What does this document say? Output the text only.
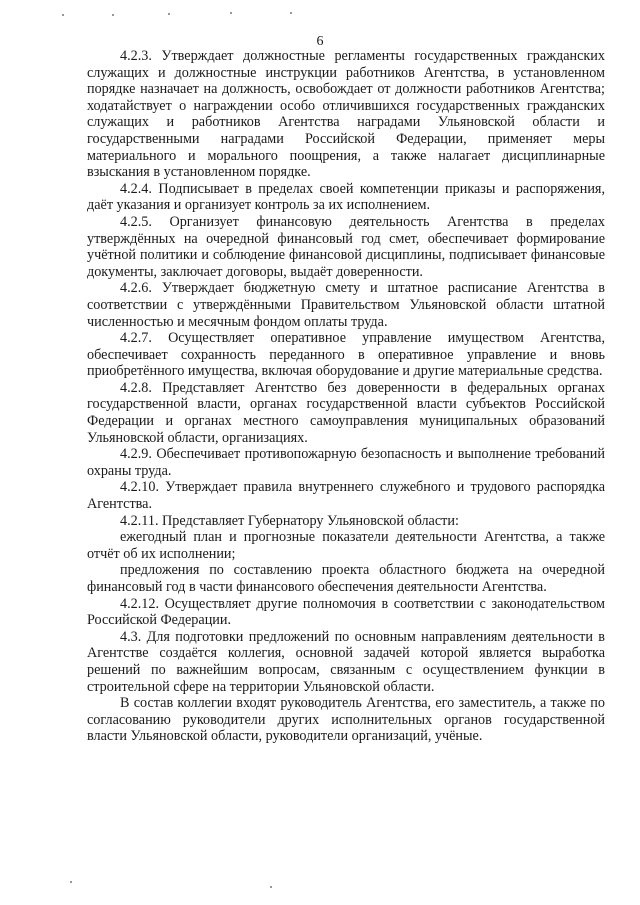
6

4.2.3. Утверждает должностные регламенты государственных гражданских служащих и должностные инструкции работников Агентства, в установленном порядке назначает на должность, освобождает от должности работников Агентства; ходатайствует о награждении особо отличившихся государственных гражданских служащих и работников Агентства наградами Ульяновской области и государственными наградами Российской Федерации, применяет меры материального и морального поощрения, а также налагает дисциплинарные взыскания в установленном порядке.

4.2.4. Подписывает в пределах своей компетенции приказы и распоряжения, даёт указания и организует контроль за их исполнением.

4.2.5. Организует финансовую деятельность Агентства в пределах утверждённых на очередной финансовый год смет, обеспечивает формирование учётной политики и соблюдение финансовой дисциплины, подписывает финансовые документы, заключает договоры, выдаёт доверенности.

4.2.6. Утверждает бюджетную смету и штатное расписание Агентства в соответствии с утверждёнными Правительством Ульяновской области штатной численностью и месячным фондом оплаты труда.

4.2.7. Осуществляет оперативное управление имуществом Агентства, обеспечивает сохранность переданного в оперативное управление и вновь приобретённого имущества, включая оборудование и другие материальные средства.

4.2.8. Представляет Агентство без доверенности в федеральных органах государственной власти, органах государственной власти субъектов Российской Федерации и органах местного самоуправления муниципальных образований Ульяновской области, организациях.

4.2.9. Обеспечивает противопожарную безопасность и выполнение требований охраны труда.

4.2.10. Утверждает правила внутреннего служебного и трудового распорядка Агентства.

4.2.11. Представляет Губернатору Ульяновской области:

ежегодный план и прогнозные показатели деятельности Агентства, а также отчёт об их исполнении;

предложения по составлению проекта областного бюджета на очередной финансовый год в части финансового обеспечения деятельности Агентства.

4.2.12. Осуществляет другие полномочия в соответствии с законодательством Российской Федерации.

4.3. Для подготовки предложений по основным направлениям деятельности в Агентстве создаётся коллегия, основной задачей которой является выработка решений по важнейшим вопросам, связанным с осуществлением функции в строительной сфере на территории Ульяновской области.

В состав коллегии входят руководитель Агентства, его заместитель, а также по согласованию руководители других исполнительных органов государственной власти Ульяновской области, руководители организаций, учёные.
